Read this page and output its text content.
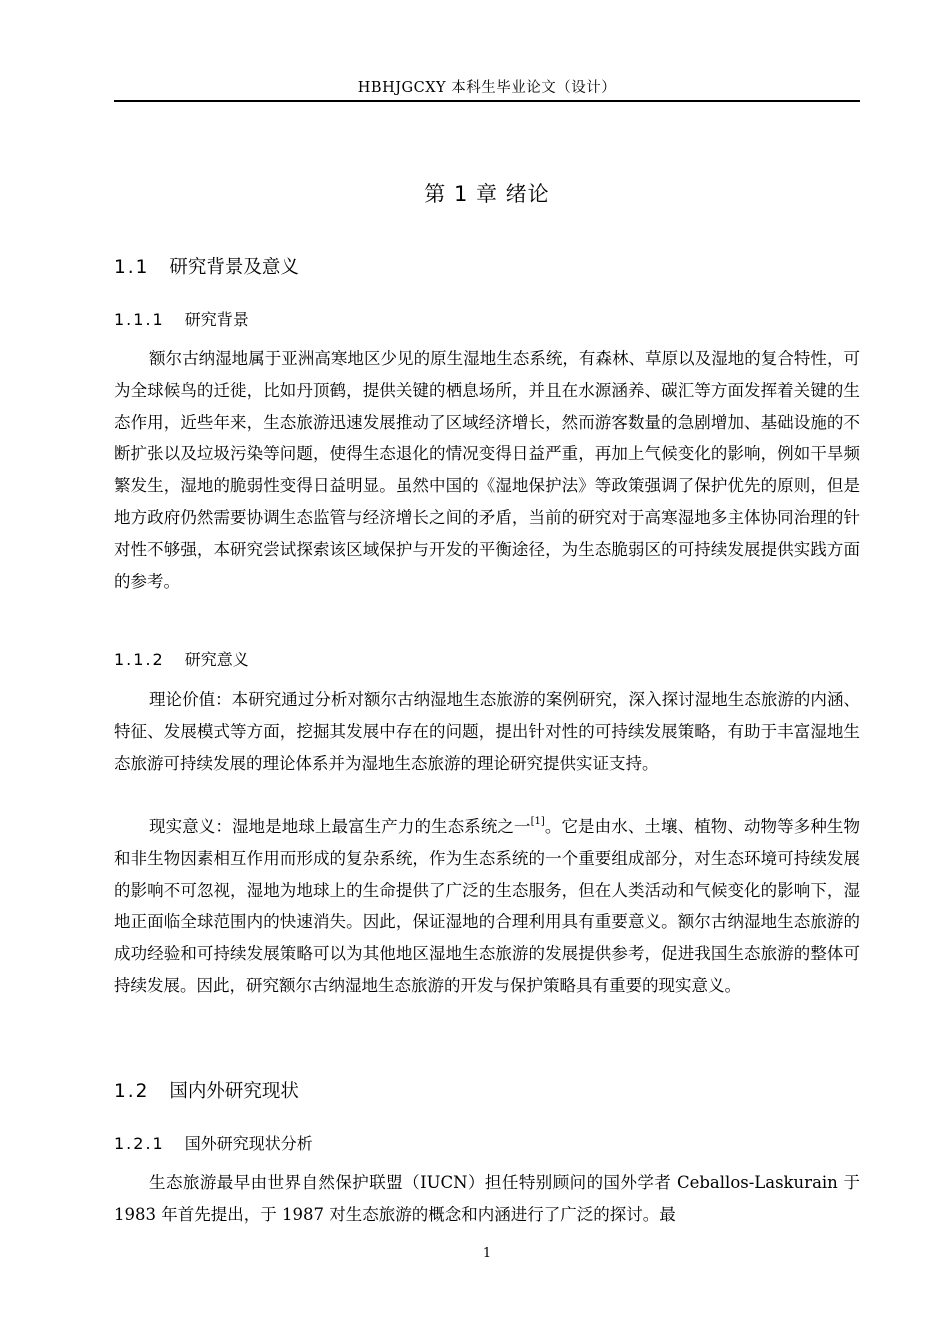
HBHJGCXY 本科生毕业论文（设计）
第 1 章 绪论
1.1 研究背景及意义
1.1.1 研究背景

额尔古纳湿地属于亚洲高寒地区少见的原生湿地生态系统，有森林、草原以及湿地的复合特性，可为全球候鸟的迁徙，比如丹顶鹤，提供关键的栖息场所，并且在水源涵养、碳汇等方面发挥着关键的生态作用，近些年来，生态旅游迅速发展推动了区域经济增长，然而游客数量的急剧增加、基础设施的不断扩张以及垃圾污染等问题，使得生态退化的情况变得日益严重，再加上气候变化的影响，例如干旱频繁发生，湿地的脆弱性变得日益明显。虽然中国的《湿地保护法》等政策强调了保护优先的原则，但是地方政府仍然需要协调生态监管与经济增长之间的矛盾，当前的研究对于高寒湿地多主体协同治理的针对性不够强，本研究尝试探索该区域保护与开发的平衡途径，为生态脆弱区的可持续发展提供实践方面的参考。

1.1.2 研究意义

理论价值：本研究通过分析对额尔古纳湿地生态旅游的案例研究，深入探讨湿地生态旅游的内涵、特征、发展模式等方面，挖掘其发展中存在的问题，提出针对性的可持续发展策略，有助于丰富湿地生态旅游可持续发展的理论体系并为湿地生态旅游的理论研究提供实证支持。

现实意义：湿地是地球上最富生产力的生态系统之一[1]。它是由水、土壤、植物、动物等多种生物和非生物因素相互作用而形成的复杂系统，作为生态系统的一个重要组成部分，对生态环境可持续发展的影响不可忽视，湿地为地球上的生命提供了广泛的生态服务，但在人类活动和气候变化的影响下，湿地正面临全球范围内的快速消失。因此，保证湿地的合理利用具有重要意义。额尔古纳湿地生态旅游的成功经验和可持续发展策略可以为其他地区湿地生态旅游的发展提供参考，促进我国生态旅游的整体可持续发展。因此，研究额尔古纳湿地生态旅游的开发与保护策略具有重要的现实意义。

1.2 国内外研究现状
1.2.1 国外研究现状分析

生态旅游最早由世界自然保护联盟（IUCN）担任特别顾问的国外学者 Ceballos-Laskurain 于 1983 年首先提出，于 1987 对生态旅游的概念和内涵进行了广泛的探讨。最

1
